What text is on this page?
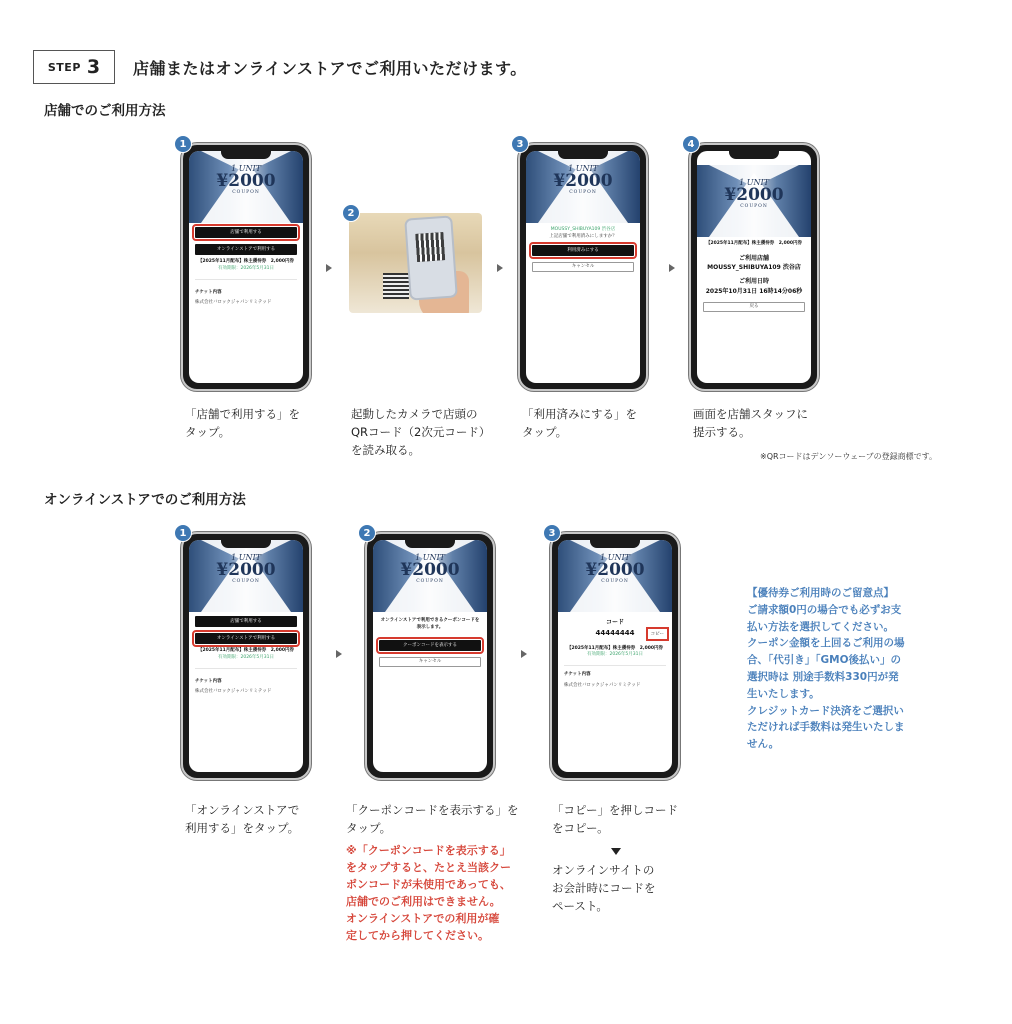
STEP 3 店舗またはオンラインストアでご利用いただけます。
店舗でのご利用方法
1 UNIT
¥2000
COUPON
店舗で利用する
オンラインストアで利用する
【2025年11月配布】株主優待券　2,000円券
有効期限：2026年5月31日
チケット内容
株式会社バロックジャパンリミテッド
1
2
1 UNIT
¥2000
COUPON
MOUSSY_SHIBUYA109 渋谷店
上記店舗で利用済みにしますか？
利用済みにする
キャンセル
3
1 UNIT
¥2000
COUPON
【2025年11月配布】株主優待券　2,000円券
ご利用店舗
MOUSSY_SHIBUYA109 渋谷店
ご利用日時
2025年10月31日 16時14分06秒
戻る
4
「店舗で利用する」を
タップ。
起動したカメラで店頭の
QRコード（2次元コード）
を読み取る。
「利用済みにする」を
タップ。
画面を店舗スタッフに
提示する。
※QRコードはデンソーウェーブの登録商標です。
オンラインストアでのご利用方法
1 UNIT
¥2000
COUPON
店舗で利用する
オンラインストアで利用する
【2025年11月配布】株主優待券　2,000円券
有効期限：2026年5月31日
チケット内容
株式会社バロックジャパンリミテッド
1
1 UNIT
¥2000
COUPON
オンラインストアで利用できるクーポンコードを表示します。
クーポンコードを表示する
キャンセル
2
1 UNIT
¥2000
COUPON
コード
44444444	コピー
【2025年11月配布】株主優待券　2,000円券
有効期限：2026年5月31日
チケット内容
株式会社バロックジャパンリミテッド
3
「オンラインストアで
利用する」をタップ。
「クーポンコードを表示する」を
タップ。
※「クーポンコードを表示する」
をタップすると、たとえ当該クー
ポンコードが未使用であっても、
店舗でのご利用はできません。
オンラインストアでの利用が確
定してから押してください。
「コピー」を押しコード
をコピー。
オンラインサイトの
お会計時にコードを
ペースト。
【優待券ご利用時のご留意点】
ご請求額0円の場合でも必ずお支払い方法を選択してください。
クーポン金額を上回るご利用の場合、「代引き」「GMO後払い」の選択時は 別途手数料330円が発生いたします。
クレジットカード決済をご選択いただければ手数料は発生いたしません。
